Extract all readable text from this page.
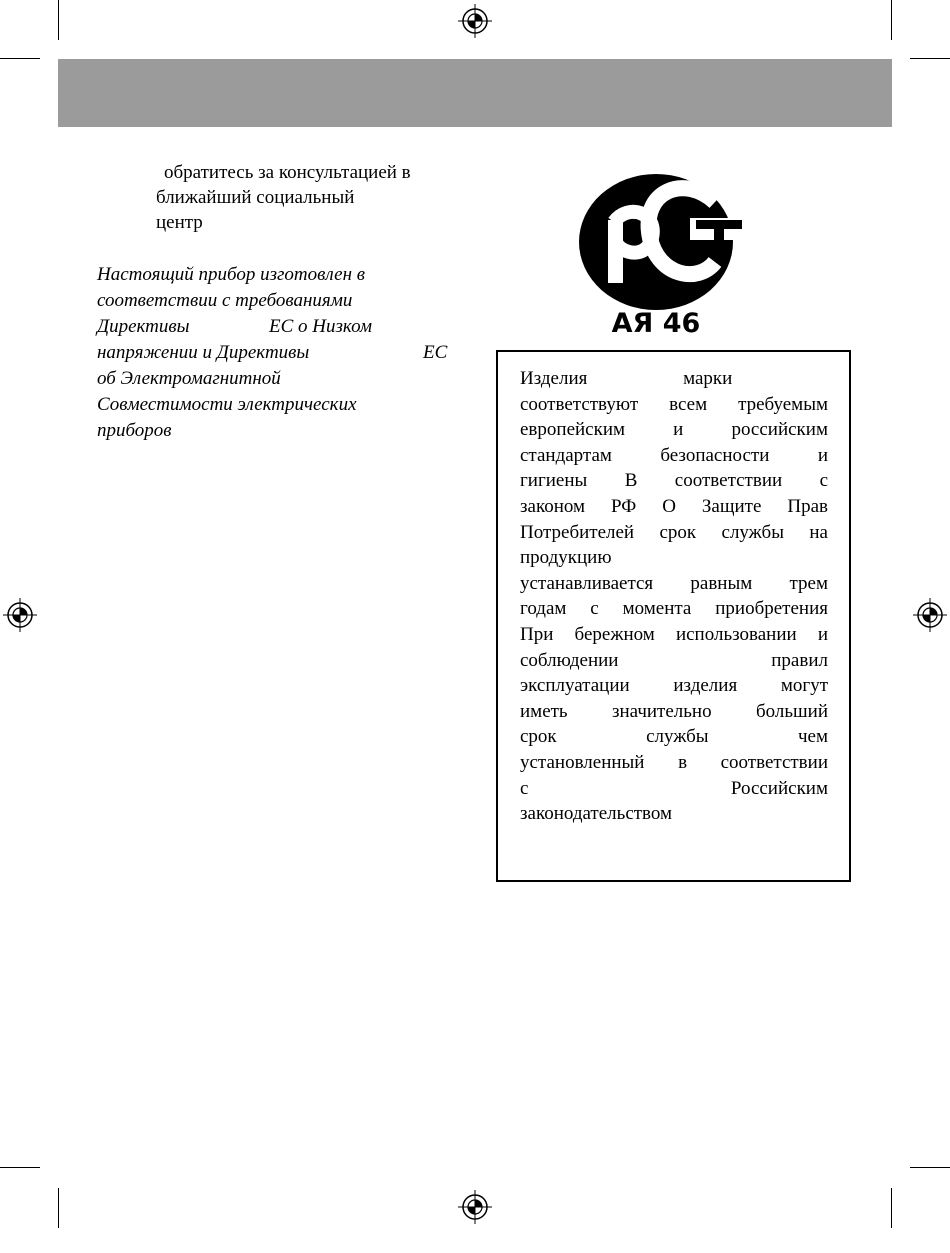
обратитесь за консультацией в
ближайший социальный
центр

Настоящий прибор изготовлен в
соответствии с требованиями
Директивы	ЕС о Низком
напряжении и Директивы	ЕС
об Электромагнитной
Совместимости электрических
приборов
АЯ 46
Изделия	марки
соответствуют всем требуемым
европейским	и	российским
стандартам	безопасности	и
гигиены В соответствии с
законом РФ О Защите Прав
Потребителей срок службы на
продукцию
устанавливается равным трем
годам с момента приобретения
При бережном использовании и
соблюдении	правил
эксплуатации изделия могут
иметь значительно больший
срок	службы	чем
установленный в соответствии
с	Российским
законодательством
